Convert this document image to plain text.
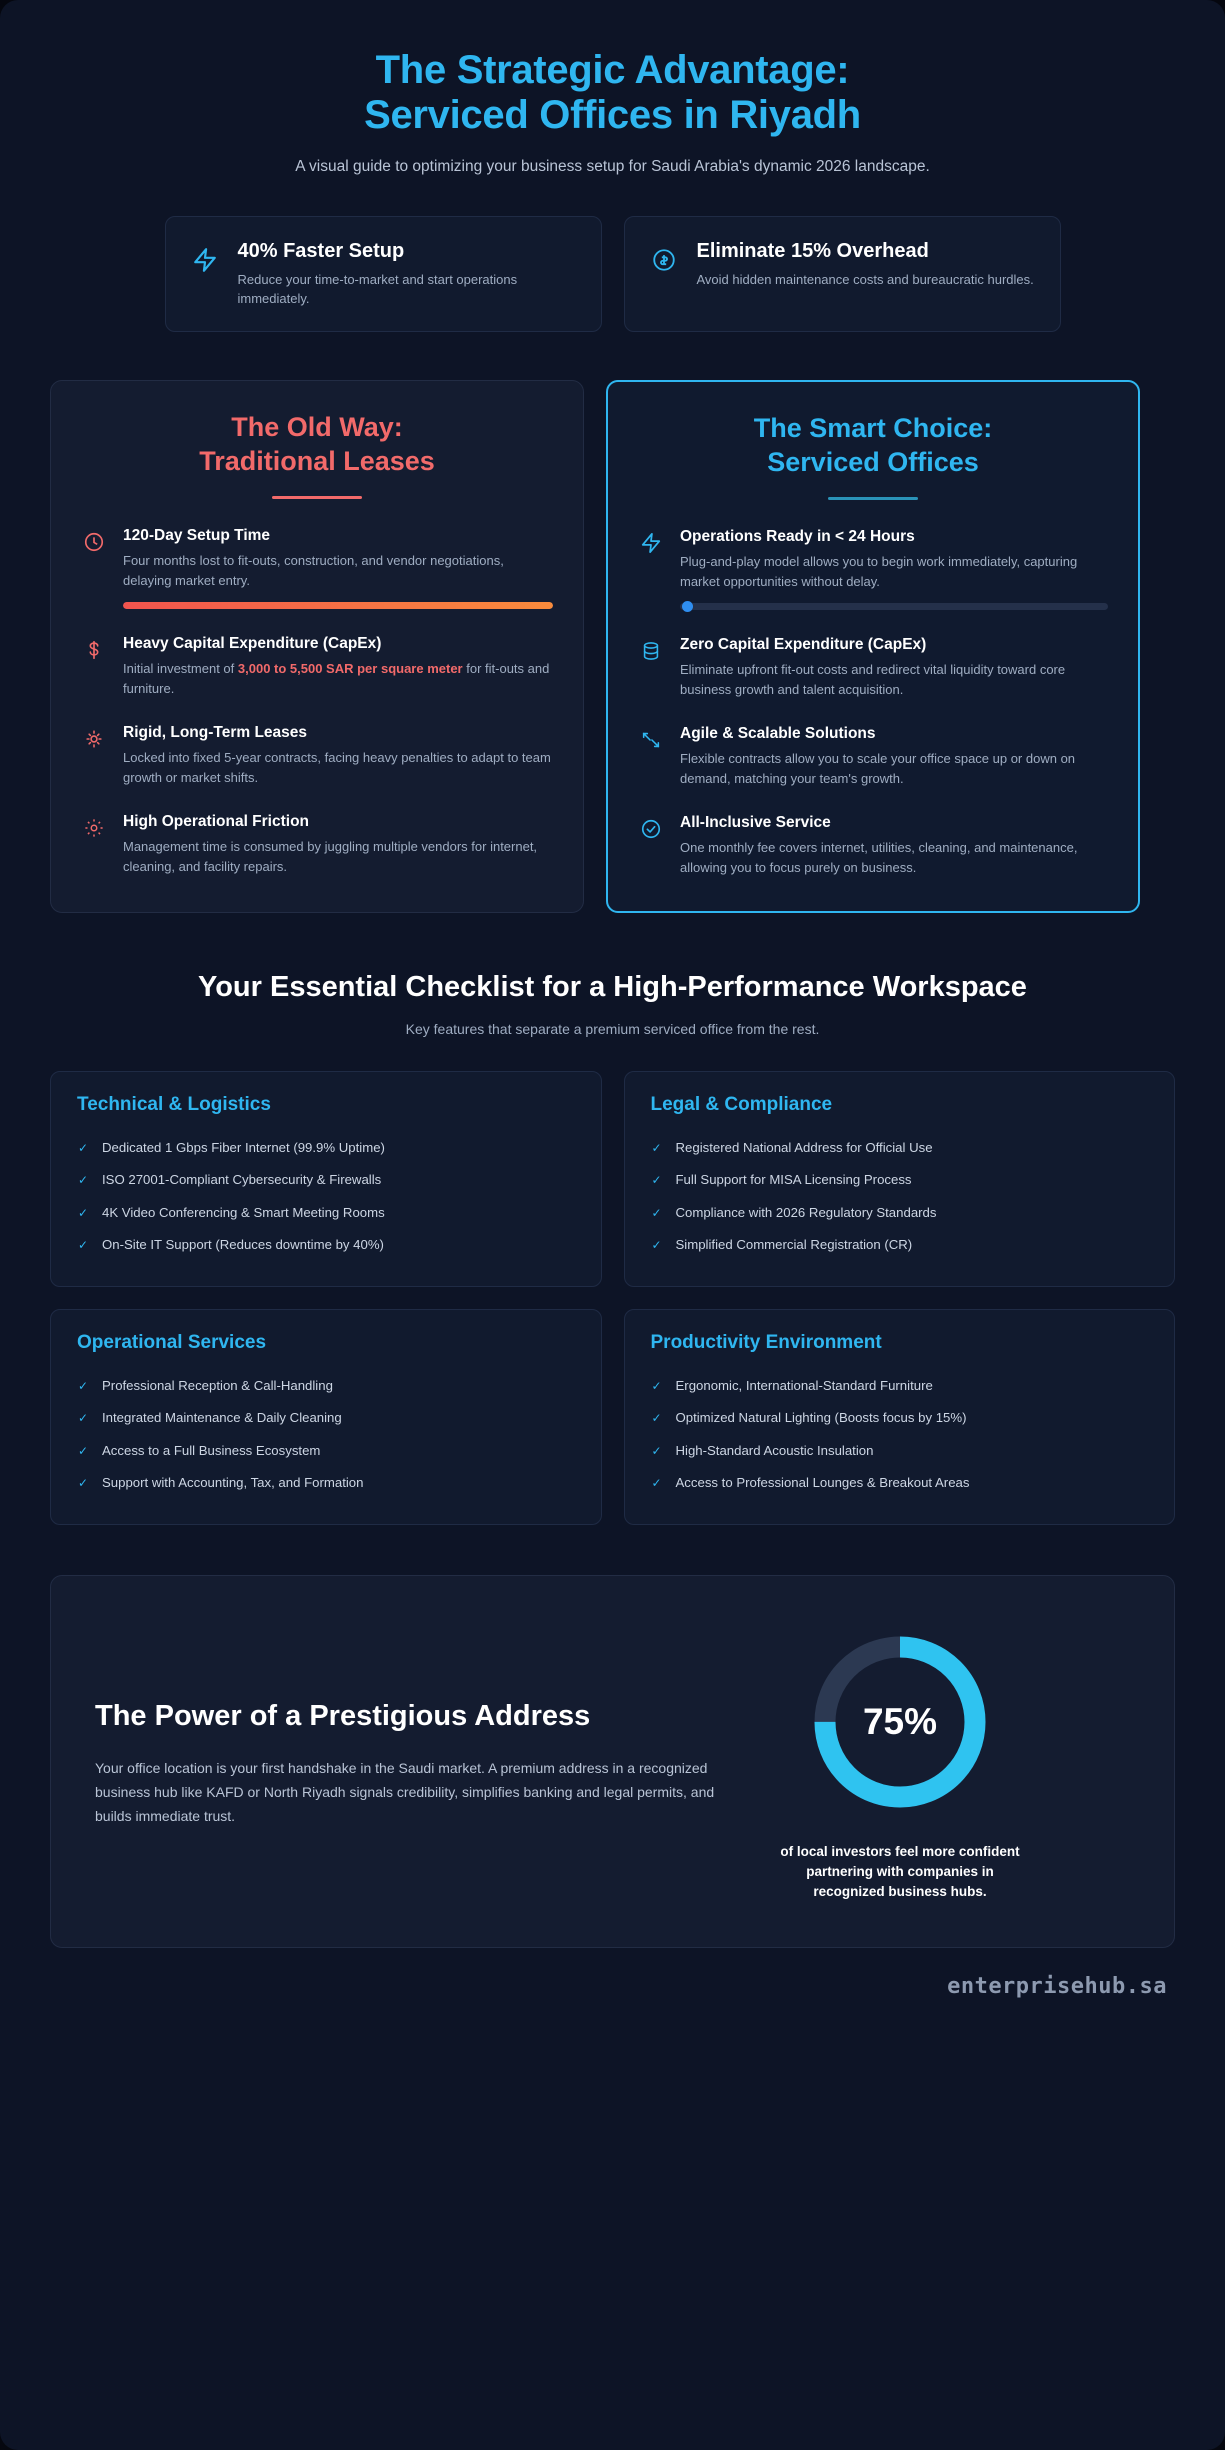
The Strategic Advantage:
Serviced Offices in Riyadh
A visual guide to optimizing your business setup for Saudi Arabia's dynamic 2026 landscape.
40% Faster Setup
Reduce your time-to-market and start operations immediately.
Eliminate 15% Overhead
Avoid hidden maintenance costs and bureaucratic hurdles.
The Old Way:
Traditional Leases
120-Day Setup Time
Four months lost to fit-outs, construction, and vendor negotiations, delaying market entry.
Heavy Capital Expenditure (CapEx)
Initial investment of 3,000 to 5,500 SAR per square meter for fit-outs and furniture.
Rigid, Long-Term Leases
Locked into fixed 5-year contracts, facing heavy penalties to adapt to team growth or market shifts.
High Operational Friction
Management time is consumed by juggling multiple vendors for internet, cleaning, and facility repairs.
The Smart Choice:
Serviced Offices
Operations Ready in < 24 Hours
Plug-and-play model allows you to begin work immediately, capturing market opportunities without delay.
Zero Capital Expenditure (CapEx)
Eliminate upfront fit-out costs and redirect vital liquidity toward core business growth and talent acquisition.
Agile & Scalable Solutions
Flexible contracts allow you to scale your office space up or down on demand, matching your team's growth.
All-Inclusive Service
One monthly fee covers internet, utilities, cleaning, and maintenance, allowing you to focus purely on business.
Your Essential Checklist for a High-Performance Workspace
Key features that separate a premium serviced office from the rest.
Technical & Logistics
✓ Dedicated 1 Gbps Fiber Internet (99.9% Uptime)
✓ ISO 27001-Compliant Cybersecurity & Firewalls
✓ 4K Video Conferencing & Smart Meeting Rooms
✓ On-Site IT Support (Reduces downtime by 40%)
Legal & Compliance
✓ Registered National Address for Official Use
✓ Full Support for MISA Licensing Process
✓ Compliance with 2026 Regulatory Standards
✓ Simplified Commercial Registration (CR)
Operational Services
✓ Professional Reception & Call-Handling
✓ Integrated Maintenance & Daily Cleaning
✓ Access to a Full Business Ecosystem
✓ Support with Accounting, Tax, and Formation
Productivity Environment
✓ Ergonomic, International-Standard Furniture
✓ Optimized Natural Lighting (Boosts focus by 15%)
✓ High-Standard Acoustic Insulation
✓ Access to Professional Lounges & Breakout Areas
The Power of a Prestigious Address

Your office location is your first handshake in the Saudi market. A premium address in a recognized business hub like KAFD or North Riyadh signals credibility, simplifies banking and legal permits, and builds immediate trust.

75%
of local investors feel more confident partnering with companies in recognized business hubs.
enterprisehub.sa
